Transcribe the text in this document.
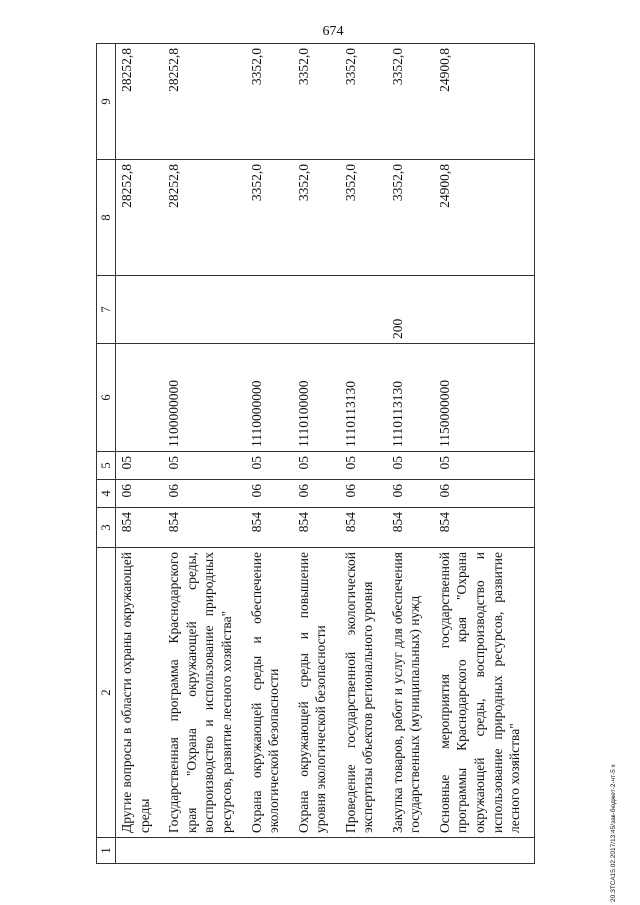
674
1	2	3	4	5	6	7	8	9
	Другие вопросы в области охраны окружающей среды	854	06	05			28252,8	28252,8
	Государственная программа Краснодарского края "Охрана окружающей среды, воспроизводство и использование природных ресурсов, развитие лесного хозяйства"	854	06	05	1100000000		28252,8	28252,8
	Охрана окружающей среды и обеспечение экологической безопасности	854	06	05	1110000000		3352,0	3352,0
	Охрана окружающей среды и повышение уровня экологической безопасности	854	06	05	1110100000		3352,0	3352,0
	Проведение государственной экологической экспертизы объектов регионального уровня	854	06	05	1110113130		3352,0	3352,0
	Закупка товаров, работ и услуг для обеспечения государственных (муниципальных) нужд	854	06	05	1110113130	200	3352,0	3352,0
	Основные мероприятия государственной программы Краснодарского края "Охрана окружающей среды, воспроизводство и использование природных ресурсов, развитие лесного хозяйства"	854	06	05	1150000000		24900,8	24900,8
20.ЗТСА15.02.2017/13:45/зак-бюджет-2-чт-5 х
